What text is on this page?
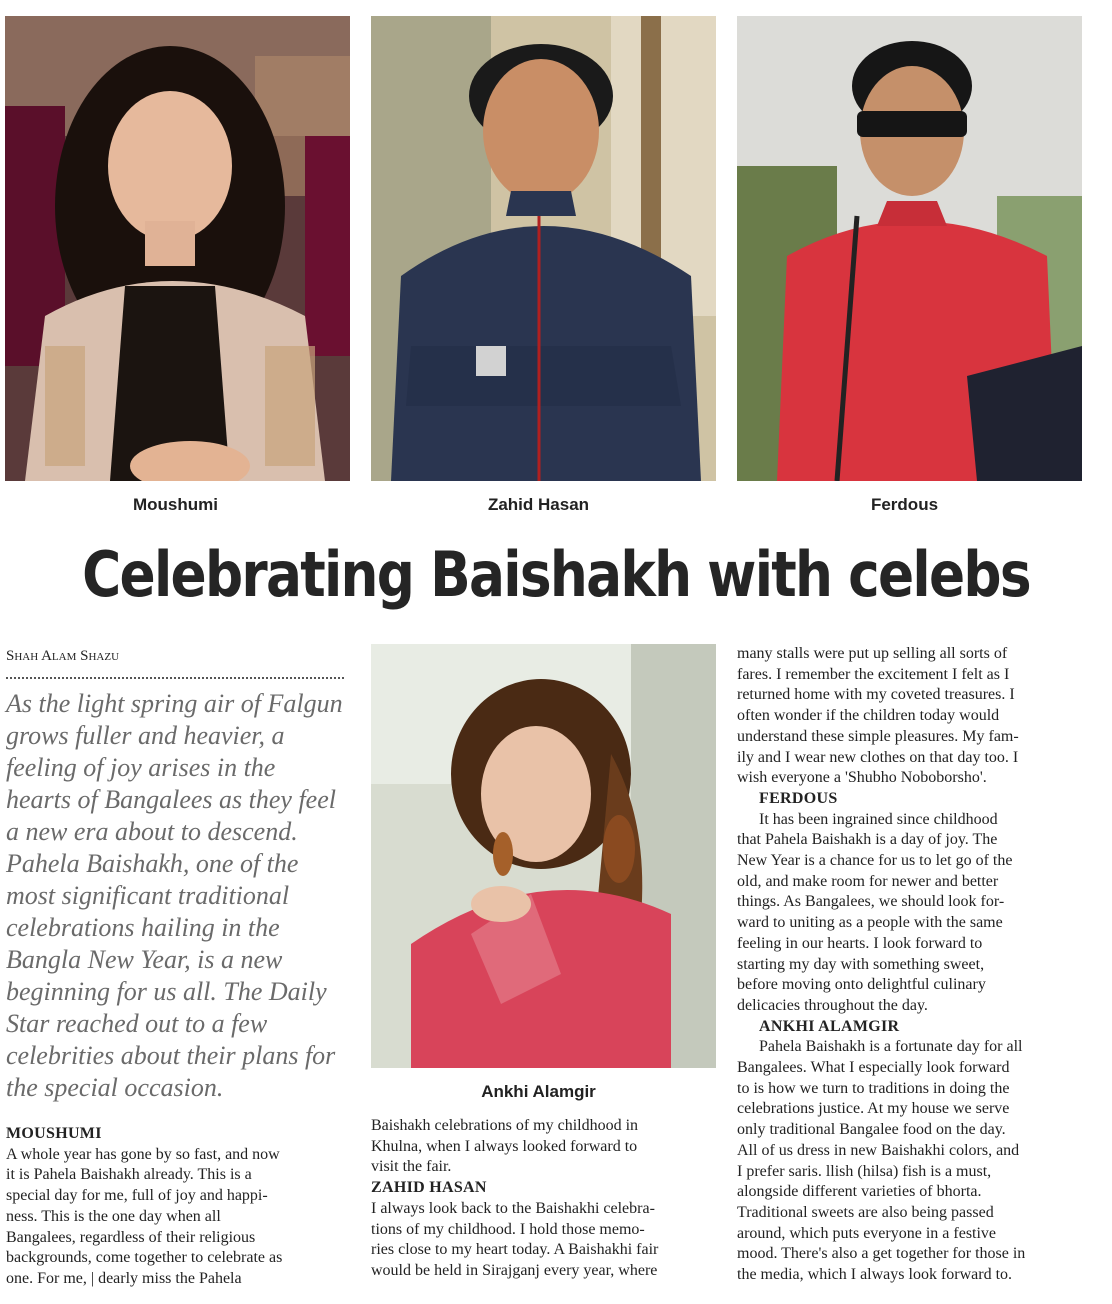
Moushumi	Zahid Hasan	Ferdous
Celebrating Baishakh with celebs
Shah Alam Shazu
As the light spring air of Falgun grows fuller and heavier, a feeling of joy arises in the hearts of Bangalees as they feel a new era about to descend. Pahela Baishakh, one of the most significant traditional celebrations hailing in the Bangla New Year, is a new beginning for us all. The Daily Star reached out to a few celebrities about their plans for the special occasion.	Ankhi Alamgir
MOUSHUMI
A whole year has gone by so fast, and now
it is Pahela Baishakh already. This is a
special day for me, full of joy and happi-
ness. This is the one day when all
Bangalees, regardless of their religious
backgrounds, come together to celebrate as
one. For me, | dearly miss the Pahela
Baishakh celebrations of my childhood in
Khulna, when I always looked forward to
visit the fair.
ZAHID HASAN
I always look back to the Baishakhi celebra-
tions of my childhood. I hold those memo-
ries close to my heart today. A Baishakhi fair
would be held in Sirajganj every year, where
many stalls were put up selling all sorts of
fares. I remember the excitement I felt as I
returned home with my coveted treasures. I
often wonder if the children today would
understand these simple pleasures. My fam-
ily and I wear new clothes on that day too. I
wish everyone a 'Shubho Noboborsho'.
FERDOUS
It has been ingrained since childhood
that Pahela Baishakh is a day of joy. The
New Year is a chance for us to let go of the
old, and make room for newer and better
things. As Bangalees, we should look for-
ward to uniting as a people with the same
feeling in our hearts. I look forward to
starting my day with something sweet,
before moving onto delightful culinary
delicacies throughout the day.
ANKHI ALAMGIR
Pahela Baishakh is a fortunate day for all
Bangalees. What I especially look forward
to is how we turn to traditions in doing the
celebrations justice. At my house we serve
only traditional Bangalee food on the day.
All of us dress in new Baishakhi colors, and
I prefer saris. llish (hilsa) fish is a must,
alongside different varieties of bhorta.
Traditional sweets are also being passed
around, which puts everyone in a festive
mood. There's also a get together for those in
the media, which I always look forward to.
